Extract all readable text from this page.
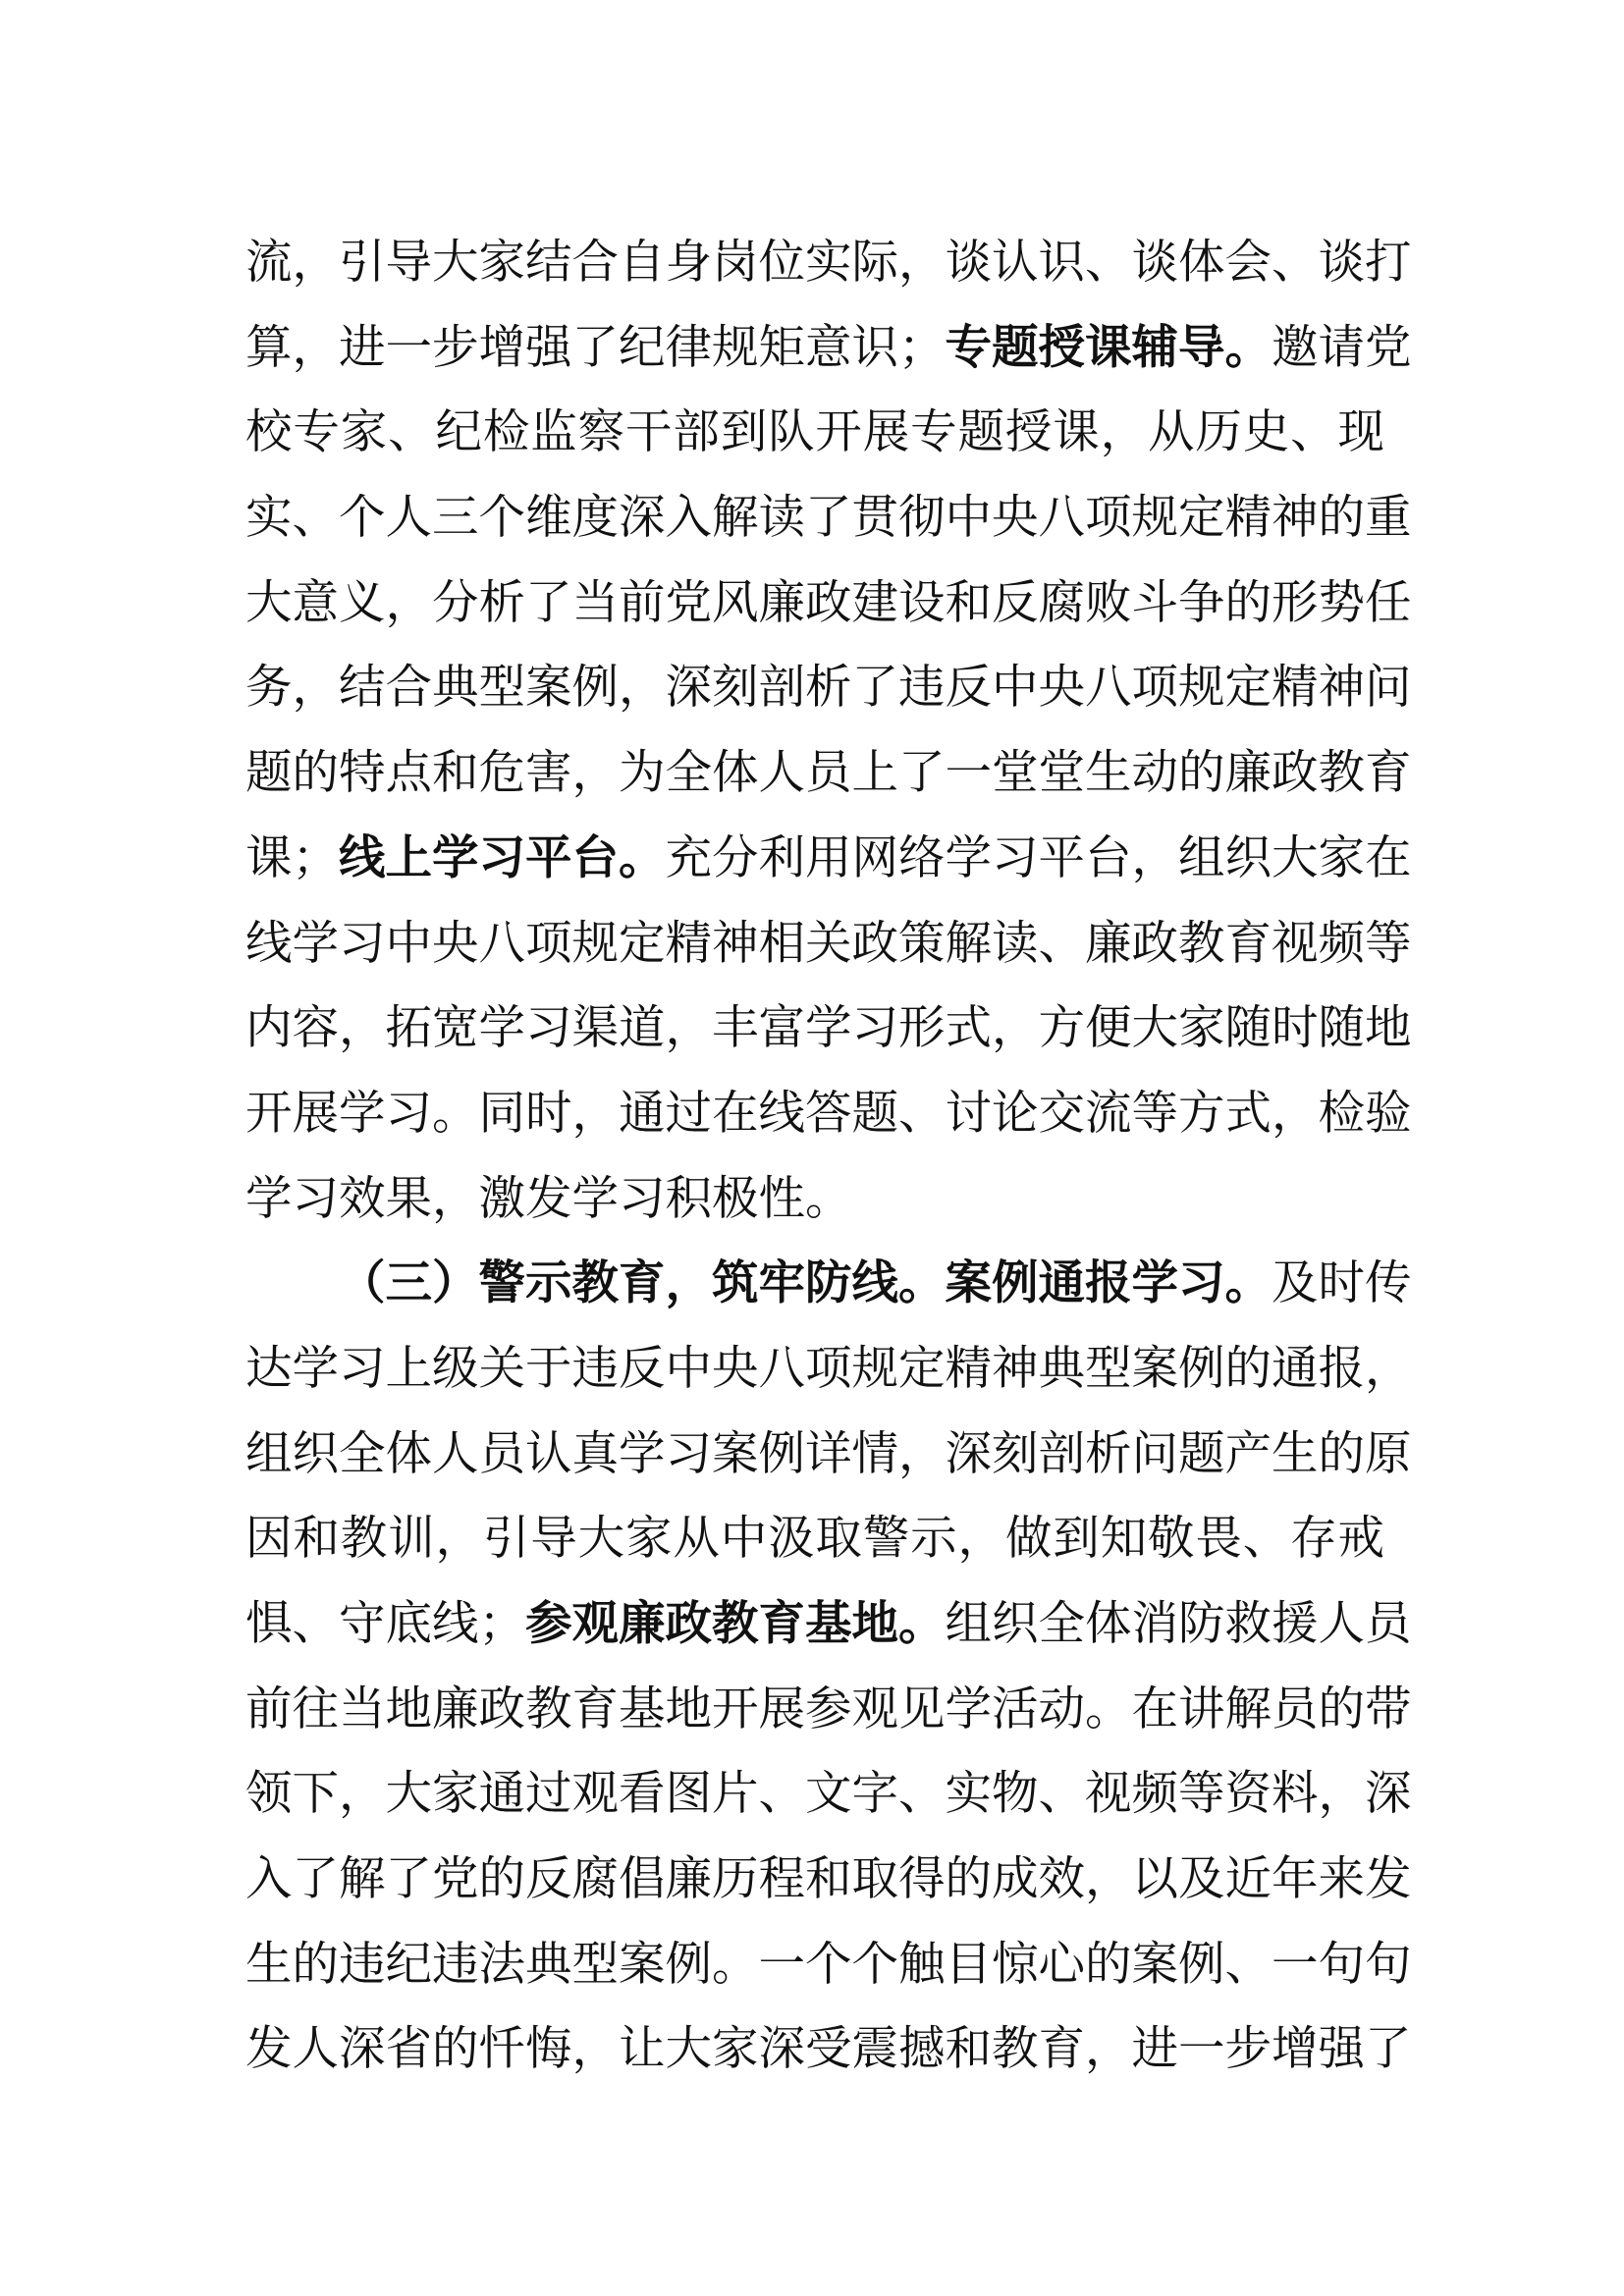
流，引导大家结合自身岗位实际，谈认识、谈体会、谈打
算，进一步增强了纪律规矩意识；专题授课辅导。邀请党
校专家、纪检监察干部到队开展专题授课，从历史、现
实、个人三个维度深入解读了贯彻中央八项规定精神的重
大意义，分析了当前党风廉政建设和反腐败斗争的形势任
务，结合典型案例，深刻剖析了违反中央八项规定精神问
题的特点和危害，为全体人员上了一堂堂生动的廉政教育
课；线上学习平台。充分利用网络学习平台，组织大家在
线学习中央八项规定精神相关政策解读、廉政教育视频等
内容，拓宽学习渠道，丰富学习形式，方便大家随时随地
开展学习。同时，通过在线答题、讨论交流等方式，检验
学习效果，激发学习积极性。
（三）警示教育，筑牢防线。案例通报学习。及时传
达学习上级关于违反中央八项规定精神典型案例的通报，
组织全体人员认真学习案例详情，深刻剖析问题产生的原
因和教训，引导大家从中汲取警示，做到知敬畏、存戒
惧、守底线；参观廉政教育基地。组织全体消防救援人员
前往当地廉政教育基地开展参观见学活动。在讲解员的带
领下，大家通过观看图片、文字、实物、视频等资料，深
入了解了党的反腐倡廉历程和取得的成效，以及近年来发
生的违纪违法典型案例。一个个触目惊心的案例、一句句
发人深省的忏悔，让大家深受震撼和教育，进一步增强了
